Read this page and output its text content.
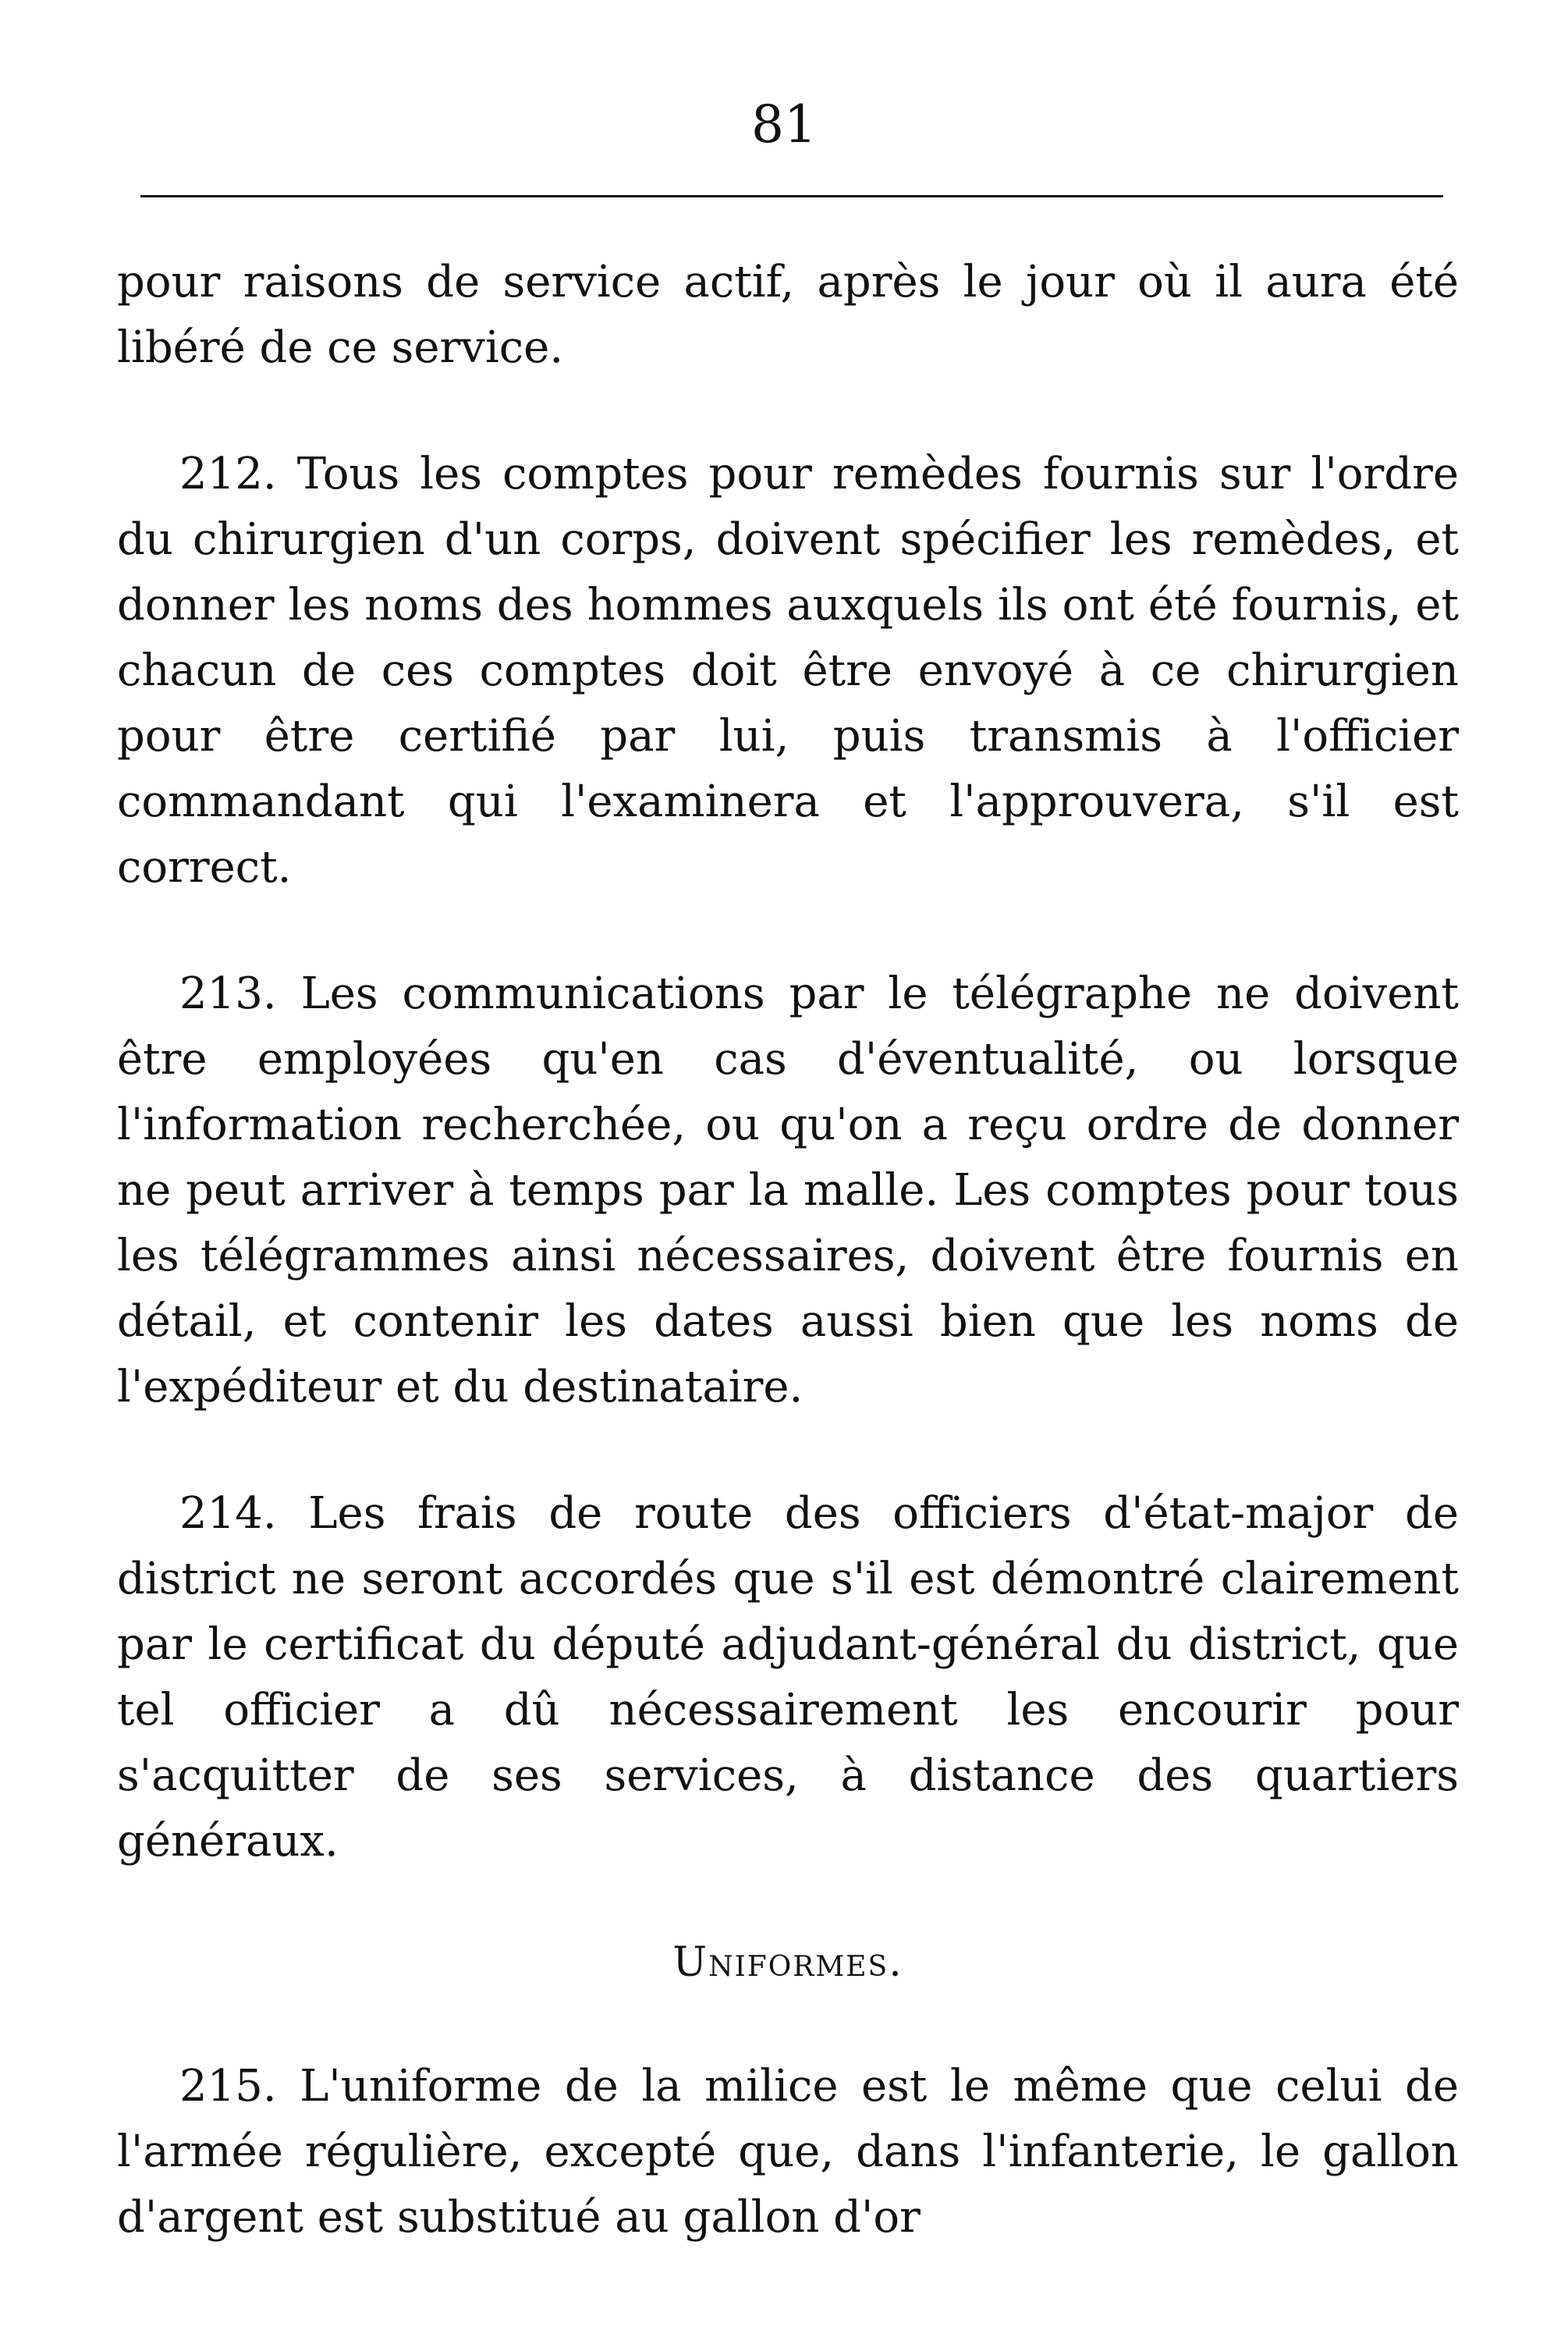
81

pour raisons de service actif, après le jour où il aura été libéré de ce service.

212. Tous les comptes pour remèdes fournis sur l'ordre du chirurgien d'un corps, doivent spécifier les remèdes, et donner les noms des hommes auxquels ils ont été fournis, et chacun de ces comptes doit être envoyé à ce chirurgien pour être certifié par lui, puis transmis à l'officier commandant qui l'examinera et l'approuvera, s'il est correct.

213. Les communications par le télégraphe ne doivent être employées qu'en cas d'éventualité, ou lorsque l'information recherchée, ou qu'on a reçu ordre de donner ne peut arriver à temps par la malle. Les comptes pour tous les télégrammes ainsi nécessaires, doivent être fournis en détail, et contenir les dates aussi bien que les noms de l'expéditeur et du destinataire.

214. Les frais de route des officiers d'état-major de district ne seront accordés que s'il est démontré clairement par le certificat du député adjudant-général du district, que tel officier a dû nécessairement les encourir pour s'acquitter de ses services, à distance des quartiers généraux.

Uniformes.

215. L'uniforme de la milice est le même que celui de l'armée régulière, excepté que, dans l'infanterie, le gallon d'argent est substitué au gallon d'or
